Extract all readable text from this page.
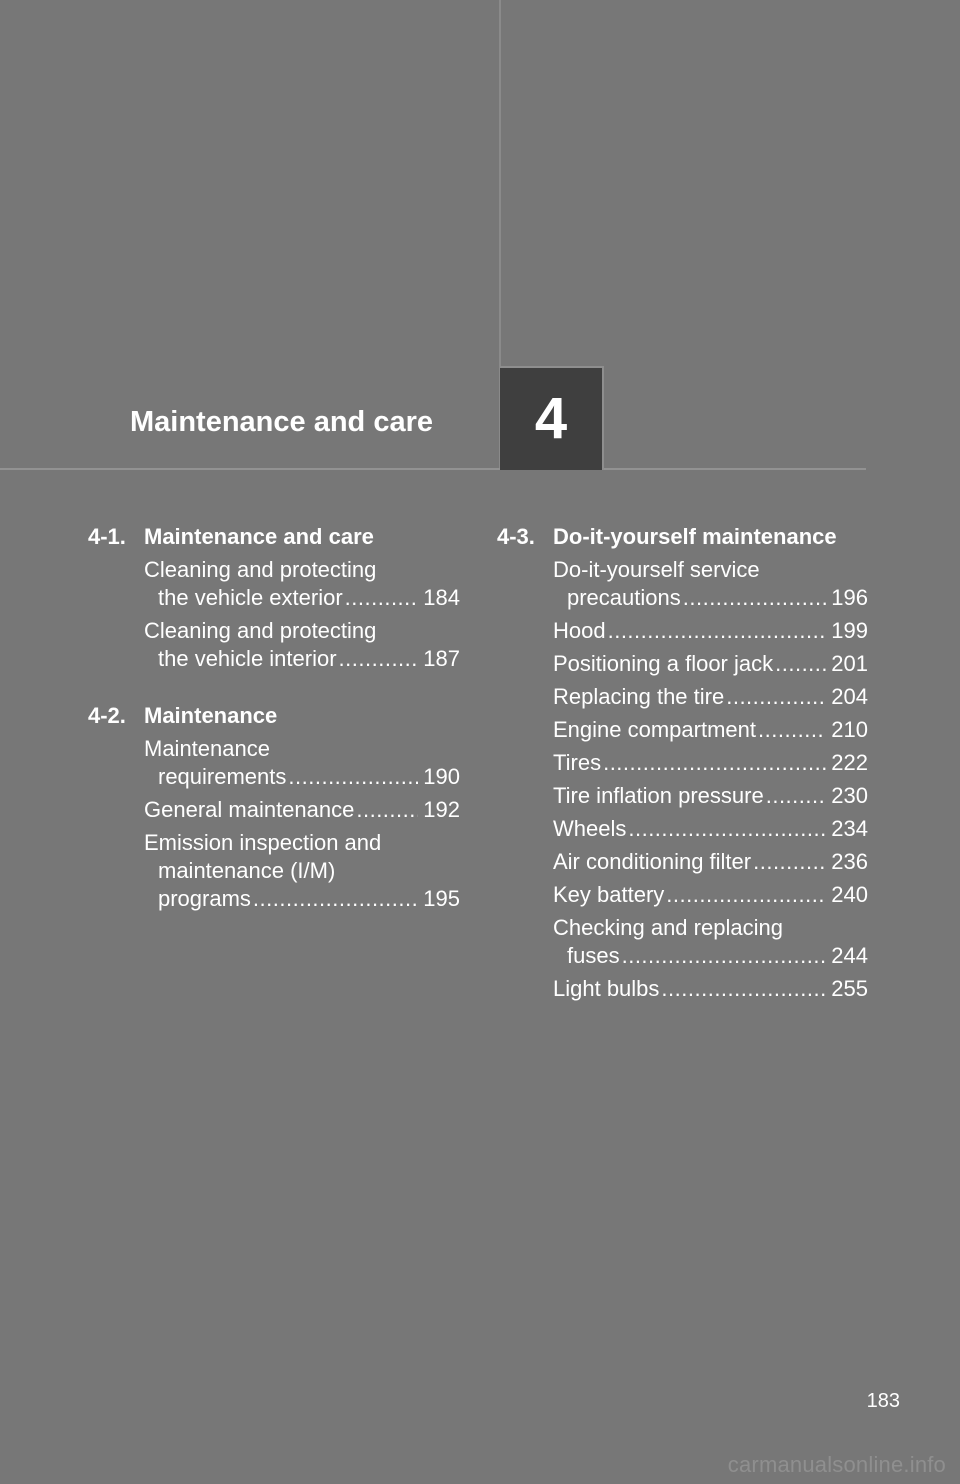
Maintenance and care 4
4-1. Maintenance and care
Cleaning and protecting
the vehicle exterior .....	184
Cleaning and protecting
the vehicle interior .....	187
4-2. Maintenance
Maintenance
requirements .....	190
General maintenance .....	192
Emission inspection and
maintenance (I/M)
programs .....	195
4-3. Do-it-yourself maintenance
Do-it-yourself service
precautions .....	196
Hood .....	199
Positioning a floor jack .....	201
Replacing the tire .....	204
Engine compartment .....	210
Tires .....	222
Tire inflation pressure .....	230
Wheels .....	234
Air conditioning filter .....	236
Key battery .....	240
Checking and replacing
fuses .....	244
Light bulbs .....	255
183
carmanualsonline.info
